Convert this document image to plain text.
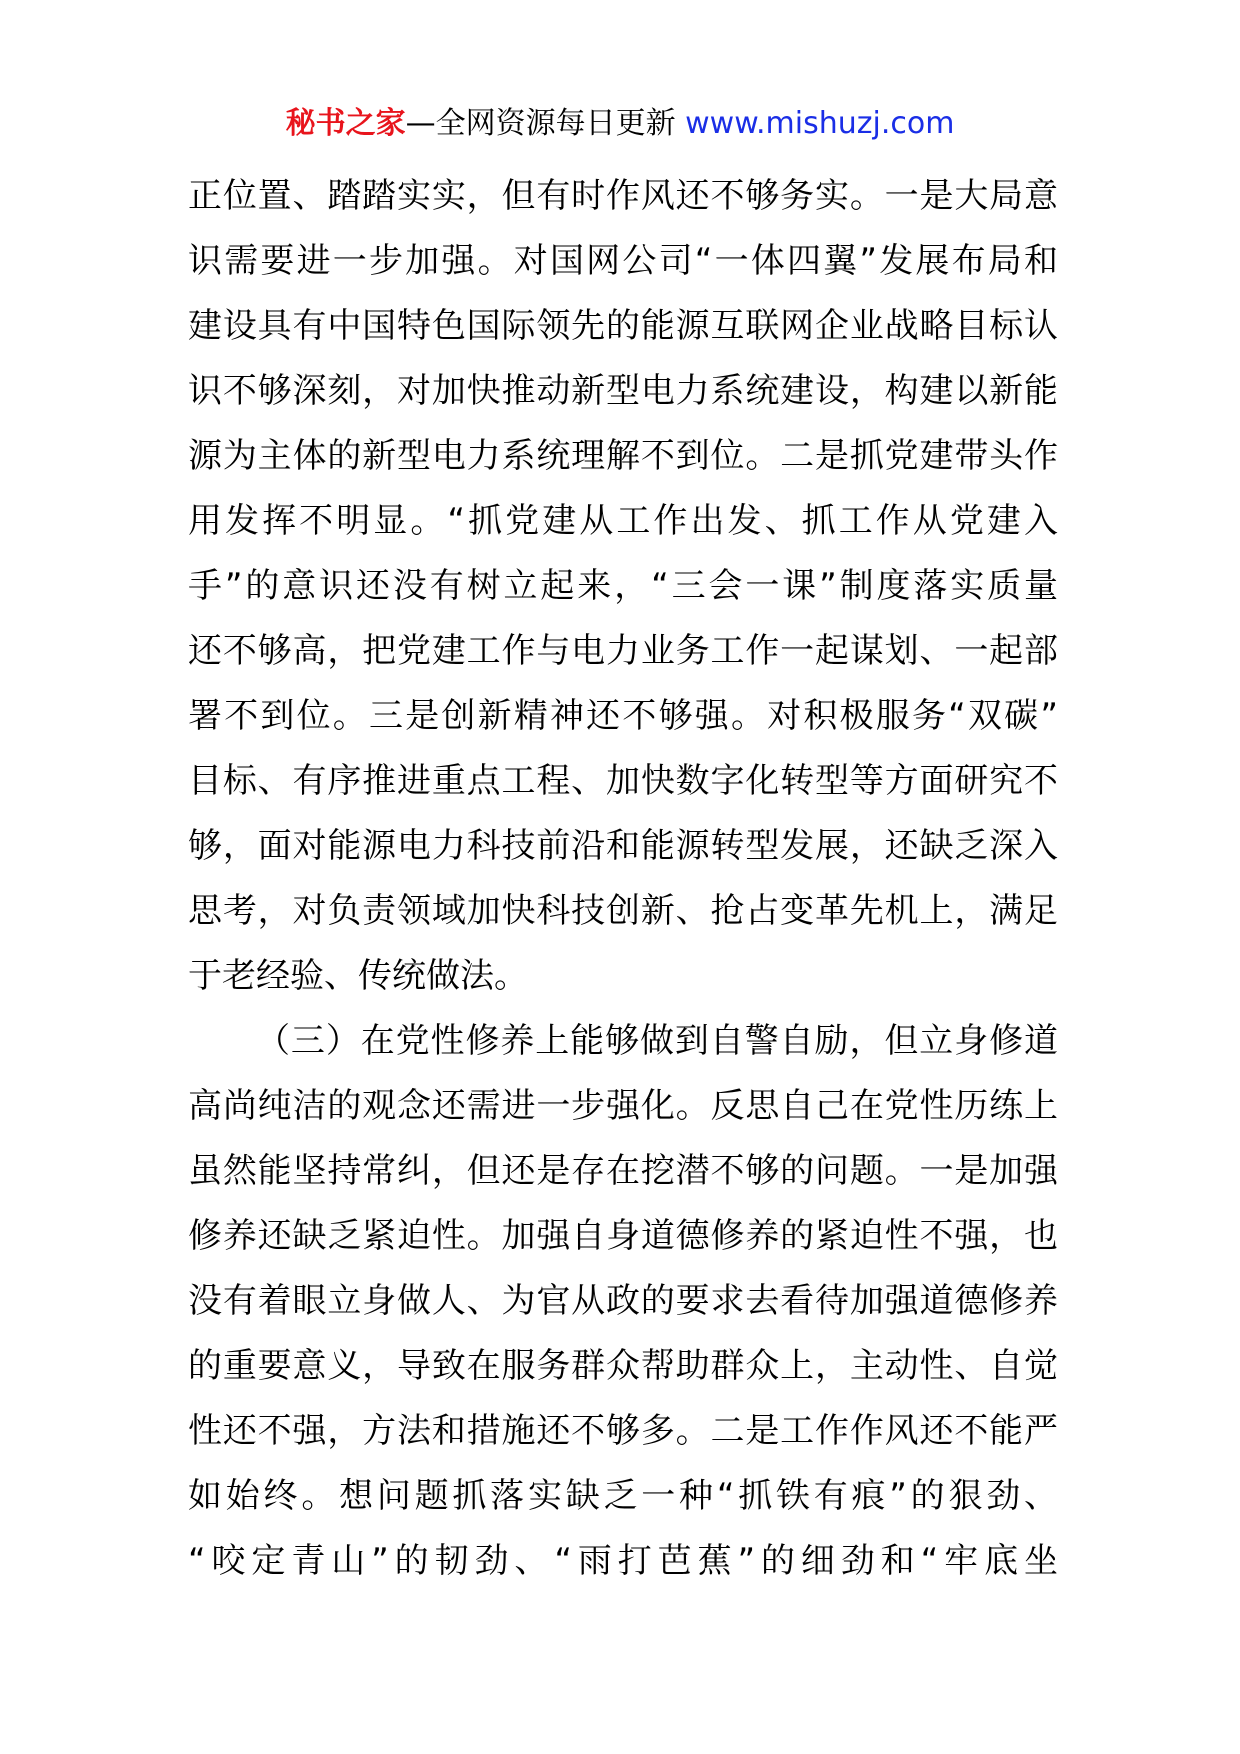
秘书之家—全网资源每日更新 www.mishuzj.com
正位置、踏踏实实，但有时作风还不够务实。一是大局意
识需要进一步加强。对国网公司“一体四翼”发展布局和
建设具有中国特色国际领先的能源互联网企业战略目标认
识不够深刻，对加快推动新型电力系统建设，构建以新能
源为主体的新型电力系统理解不到位。二是抓党建带头作
用发挥不明显。“抓党建从工作出发、抓工作从党建入
手”的意识还没有树立起来，“三会一课”制度落实质量
还不够高，把党建工作与电力业务工作一起谋划、一起部
署不到位。三是创新精神还不够强。对积极服务“双碳”
目标、有序推进重点工程、加快数字化转型等方面研究不
够，面对能源电力科技前沿和能源转型发展，还缺乏深入
思考，对负责领域加快科技创新、抢占变革先机上，满足
于老经验、传统做法。
（三）在党性修养上能够做到自警自励，但立身修道
高尚纯洁的观念还需进一步强化。反思自己在党性历练上
虽然能坚持常纠，但还是存在挖潜不够的问题。一是加强
修养还缺乏紧迫性。加强自身道德修养的紧迫性不强，也
没有着眼立身做人、为官从政的要求去看待加强道德修养
的重要意义，导致在服务群众帮助群众上，主动性、自觉
性还不强，方法和措施还不够多。二是工作作风还不能严
如始终。想问题抓落实缺乏一种“抓铁有痕”的狠劲、
“咬定青山”的韧劲、“雨打芭蕉”的细劲和“牢底坐
